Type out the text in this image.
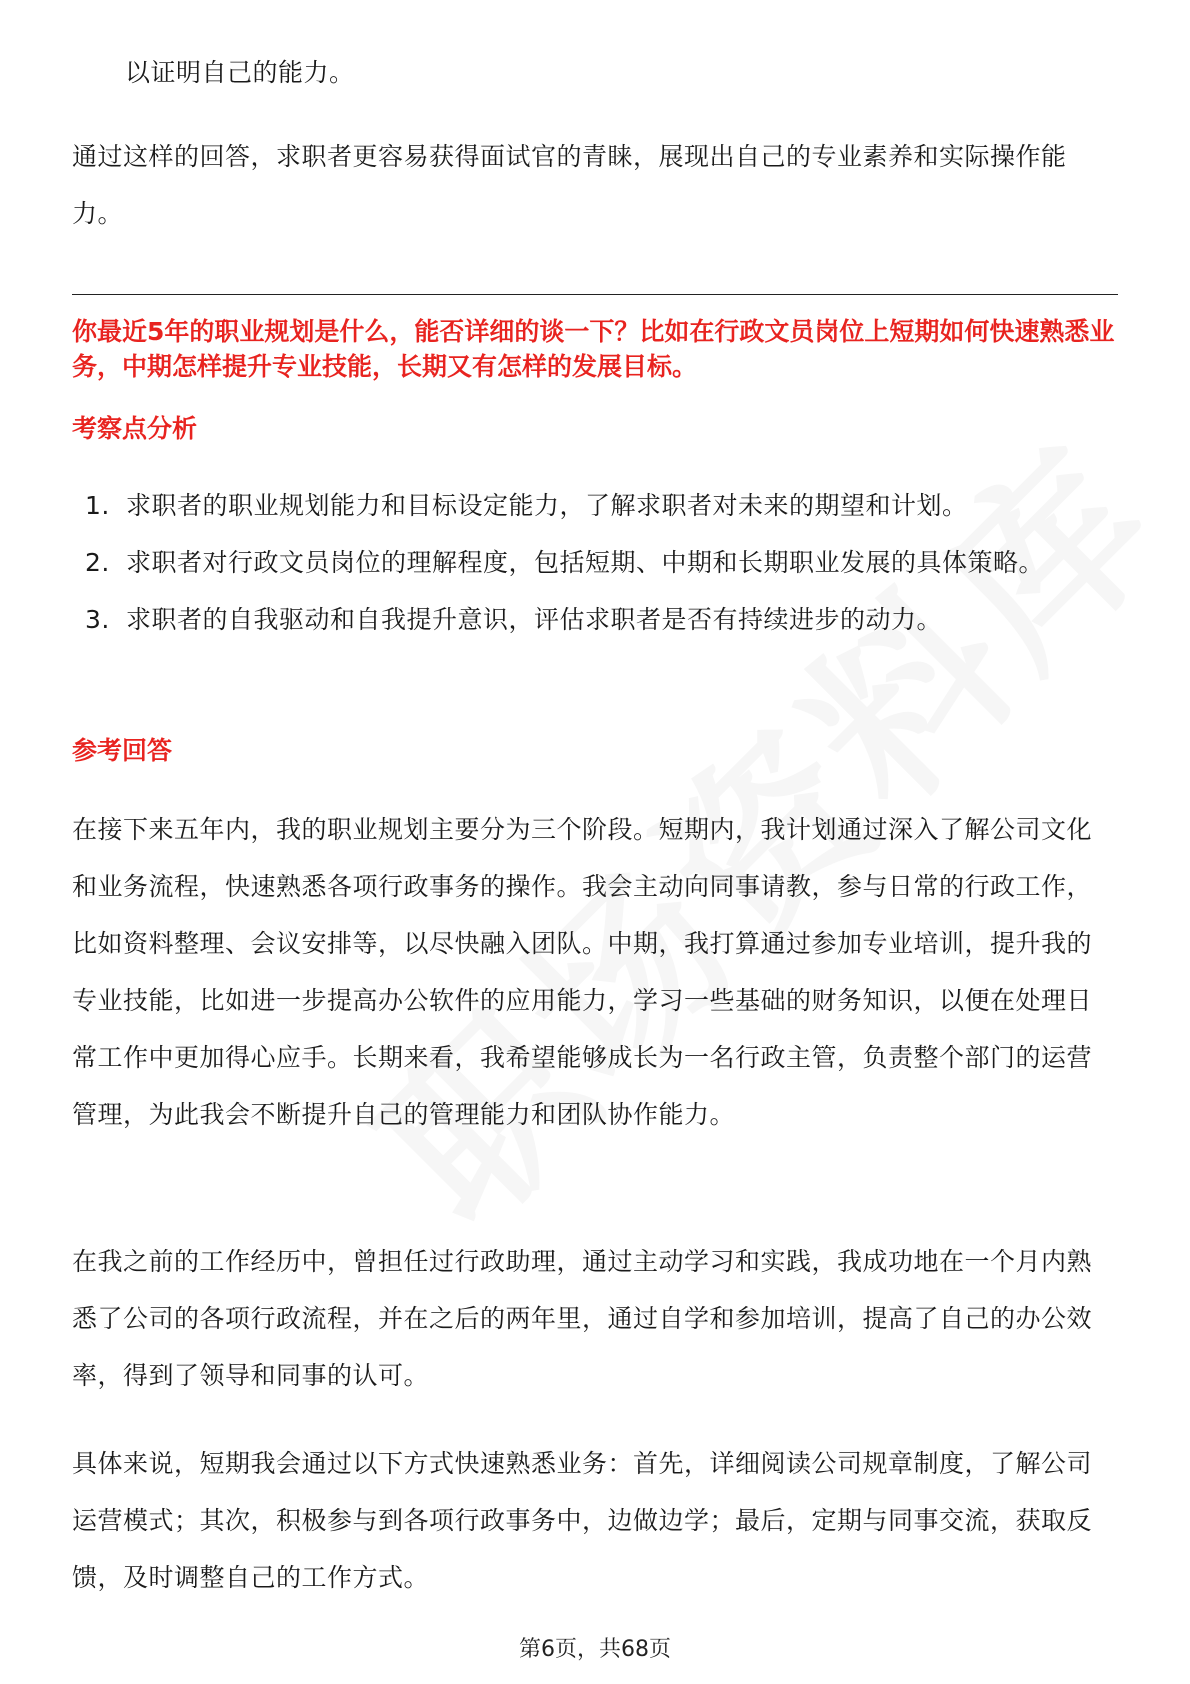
以证明自己的能力。

通过这样的回答，求职者更容易获得面试官的青睐，展现出自己的专业素养和实际操作能力。

你最近5年的职业规划是什么，能否详细的谈一下？比如在行政文员岗位上短期如何快速熟悉业务，中期怎样提升专业技能，长期又有怎样的发展目标。
考察点分析
1. 求职者的职业规划能力和目标设定能力，了解求职者对未来的期望和计划。
2. 求职者对行政文员岗位的理解程度，包括短期、中期和长期职业发展的具体策略。
3. 求职者的自我驱动和自我提升意识，评估求职者是否有持续进步的动力。
参考回答

在接下来五年内，我的职业规划主要分为三个阶段。短期内，我计划通过深入了解公司文化和业务流程，快速熟悉各项行政事务的操作。我会主动向同事请教，参与日常的行政工作，比如资料整理、会议安排等，以尽快融入团队。中期，我打算通过参加专业培训，提升我的专业技能，比如进一步提高办公软件的应用能力，学习一些基础的财务知识，以便在处理日常工作中更加得心应手。长期来看，我希望能够成长为一名行政主管，负责整个部门的运营管理，为此我会不断提升自己的管理能力和团队协作能力。

在我之前的工作经历中，曾担任过行政助理，通过主动学习和实践，我成功地在一个月内熟悉了公司的各项行政流程，并在之后的两年里，通过自学和参加培训，提高了自己的办公效率，得到了领导和同事的认可。

具体来说，短期我会通过以下方式快速熟悉业务：首先，详细阅读公司规章制度，了解公司运营模式；其次，积极参与到各项行政事务中，边做边学；最后，定期与同事交流，获取反馈，及时调整自己的工作方式。

第6页，共68页
